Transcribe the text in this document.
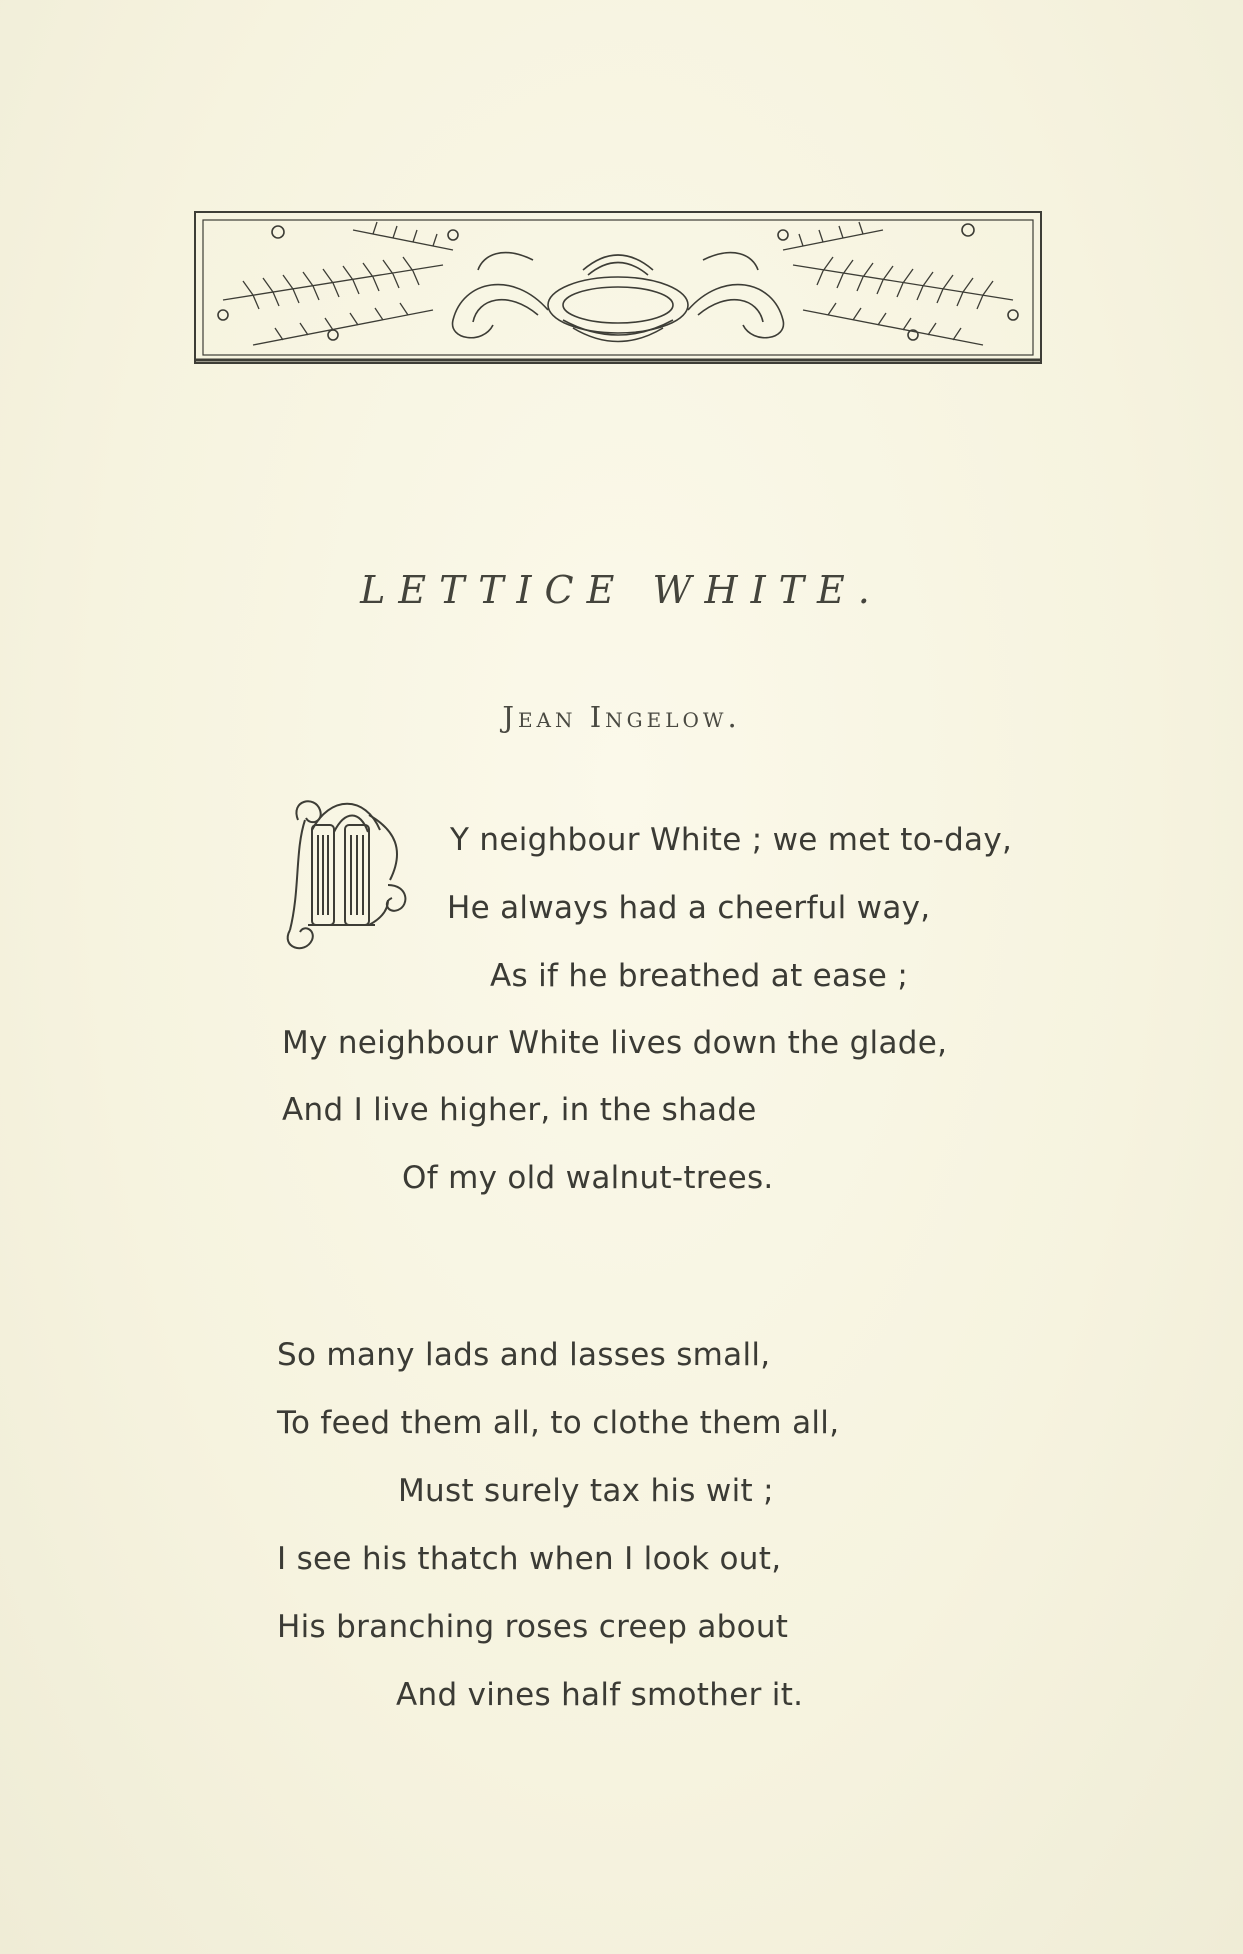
LETTICE WHITE.

Jean Ingelow.

Y neighbour White ; we met to-day,
He always had a cheerful way,
As if he breathed at ease ;
My neighbour White lives down the glade,
And I live higher, in the shade
Of my old walnut-trees.
So many lads and lasses small,
To feed them all, to clothe them all,
Must surely tax his wit ;
I see his thatch when I look out,
His branching roses creep about
And vines half smother it.
